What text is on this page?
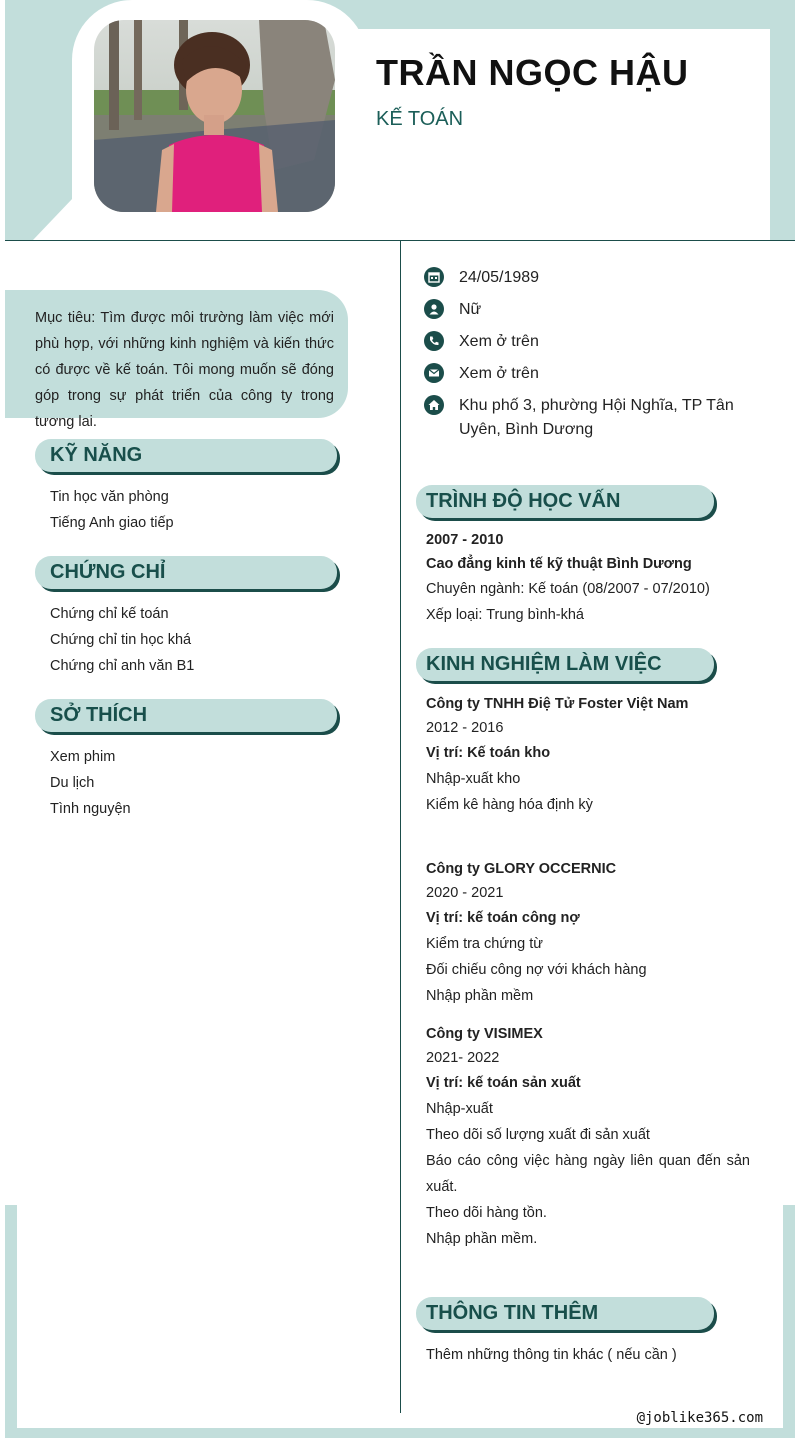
TRẦN NGỌC HẬU
KẾ TOÁN

Mục tiêu: Tìm được môi trường làm việc mới phù hợp, với những kinh nghiệm và kiến thức có được về kế toán. Tôi mong muốn sẽ đóng góp trong sự phát triển của công ty trong tương lai.

KỸ NĂNG
Tin học văn phòng
Tiếng Anh giao tiếp
CHỨNG CHỈ
Chứng chỉ kế toán
Chứng chỉ tin học khá
Chứng chỉ anh văn B1
SỞ THÍCH
Xem phim
Du lịch
Tình nguyện
24/05/1989
Nữ
Xem ở trên
Xem ở trên
Khu phố 3, phường Hội Nghĩa, TP Tân Uyên, Bình Dương
TRÌNH ĐỘ HỌC VẤN
2007 - 2010
Cao đẳng kinh tế kỹ thuật Bình Dương
Chuyên ngành: Kế toán (08/2007 - 07/2010)
Xếp loại: Trung bình-khá
KINH NGHIỆM LÀM VIỆC
Công ty TNHH Điệ Tử Foster Việt Nam
2012 - 2016
Vị trí: Kế toán kho
Nhập-xuất kho
Kiểm kê hàng hóa định kỳ
Công ty GLORY OCCERNIC
2020 - 2021
Vị trí: kế toán công nợ
Kiểm tra chứng từ
Đối chiếu công nợ với khách hàng
Nhập phần mềm
Công ty VISIMEX
2021- 2022
Vị trí: kế toán sản xuất
Nhập-xuất
Theo dõi số lượng xuất đi sản xuất
Báo cáo công việc hàng ngày liên quan đến sản xuất.
Theo dõi hàng tồn.
Nhập phần mềm.
THÔNG TIN THÊM
Thêm những thông tin khác ( nếu cần )
@joblike365.com
